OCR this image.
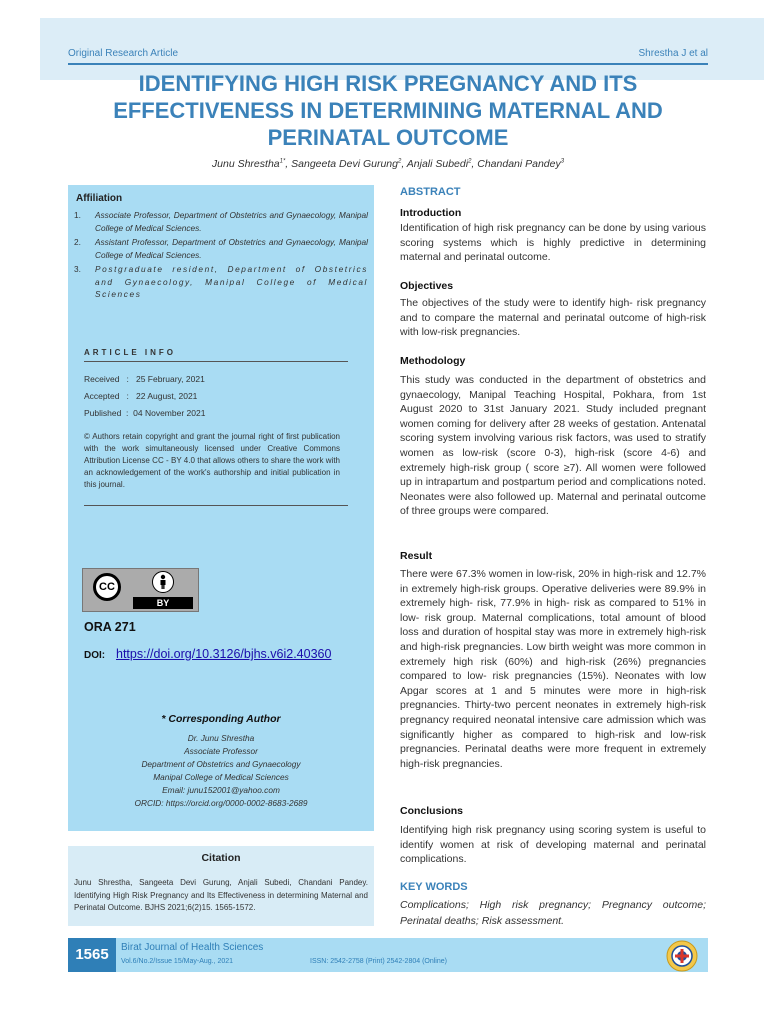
Original Research Article	Shrestha J et al
IDENTIFYING HIGH RISK PREGNANCY AND ITS EFFECTIVENESS IN DETERMINING MATERNAL AND PERINATAL OUTCOME
Junu Shrestha$^{1*}$, Sangeeta Devi Gurung$^2$, Anjali Subedi$^2$, Chandani Pandey$^3$
Affiliation
1.	Associate Professor, Department of Obstetrics and Gynaecology, Manipal College of Medical Sciences.
2.	Assistant Professor, Department of Obstetrics and Gynaecology, Manipal College of Medical Sciences.
3.	Postgraduate resident, Department of Obstetrics and Gynaecology, Manipal College of Medical Sciences
ARTICLE INFO
Received   :   25 February, 2021
Accepted   :   22 August, 2021
Published  :  04 November 2021
© Authors retain copyright and grant the journal right of first publication with the work simultaneously licensed under Creative Commons Attribution License CC - BY 4.0 that allows others to share the work with an acknowledgement of the work's authorship and initial publication in this journal.
CC
BY
ORA 271
DOI: https://doi.org/10.3126/bjhs.v6i2.40360
* Corresponding Author
Dr. Junu Shrestha
Associate Professor
Department of Obstetrics and Gynaecology
Manipal College of Medical Sciences
Email: junu152001@yahoo.com
ORCID: https://orcid.org/0000-0002-8683-2689
Citation
Junu Shrestha, Sangeeta Devi Gurung, Anjali Subedi, Chandani Pandey. Identifying High Risk Pregnancy and Its Effectiveness in determining Maternal and Perinatal Outcome. BJHS 2021;6(2)15. 1565-1572.
ABSTRACT
Introduction
Identification of high risk pregnancy can be done by using various scoring systems which is highly predictive in determining maternal and perinatal outcome.
Objectives
The objectives of the study were to identify high- risk pregnancy and to compare the maternal and perinatal outcome of high-risk with low-risk pregnancies.
Methodology
This study was conducted in the department of obstetrics and gynaecology, Manipal Teaching Hospital, Pokhara, from 1st August 2020 to 31st January 2021. Study included pregnant women coming for delivery after 28 weeks of gestation. Antenatal scoring system involving various risk factors, was used to stratify women as low-risk (score 0-3), high-risk (score 4-6) and extremely high-risk group ( score ≥7). All women were followed up in intrapartum and postpartum period and complications noted. Neonates were also followed up. Maternal and perinatal outcome of three groups were compared.
Result
There were 67.3% women in low-risk, 20% in high-risk and 12.7% in extremely high-risk groups. Operative deliveries were 89.9% in extremely high- risk, 77.9% in high- risk as compared to 51% in low- risk group. Maternal complications, total amount of blood loss and duration of hospital stay was more in extremely high-risk and high-risk pregnancies. Low birth weight was more common in extremely high risk (60%) and high-risk (26%) pregnancies compared to low- risk pregnancies (15%). Neonates with low Apgar scores at 1 and 5 minutes were more in high-risk pregnancies. Thirty-two percent neonates in extremely high-risk pregnancy required neonatal intensive care admission which was significantly higher as compared to high-risk and low-risk pregnancies. Perinatal deaths were more frequent in extremely high-risk pregnancies.
Conclusions
Identifying high risk pregnancy using scoring system is useful to identify women at risk of developing maternal and perinatal complications.
KEY WORDS
Complications; High risk pregnancy; Pregnancy outcome; Perinatal deaths; Risk assessment.
1565	Birat Journal of Health Sciences
Vol.6/No.2/Issue 15/May-Aug., 2021	ISSN: 2542-2758 (Print) 2542-2804 (Online)
